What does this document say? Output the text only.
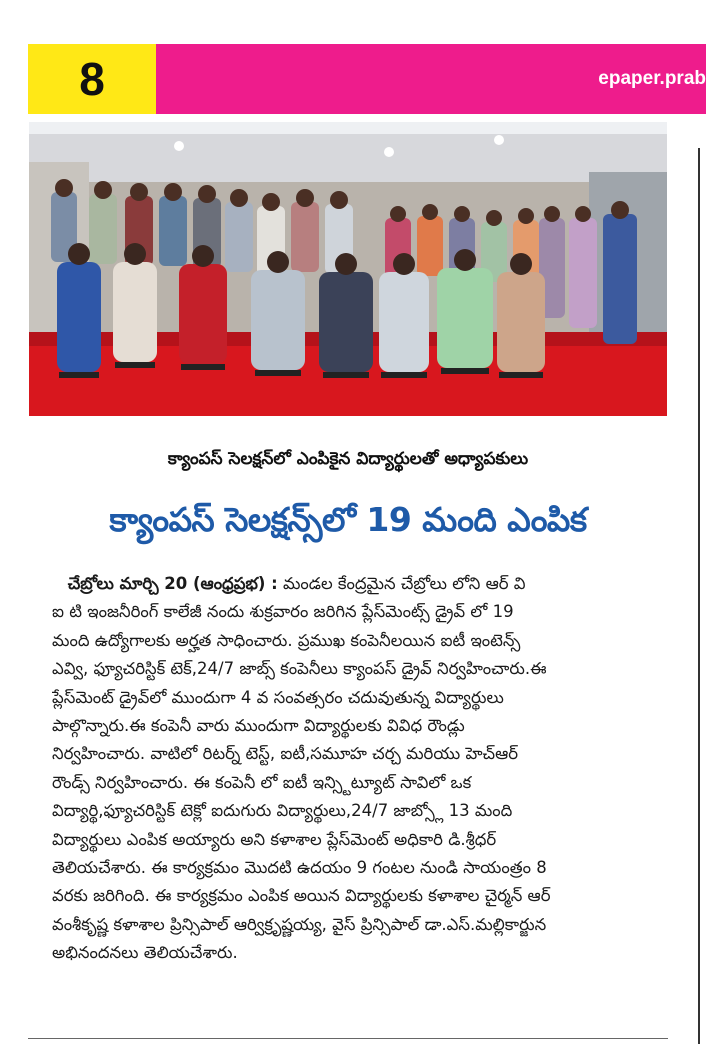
8	epaper.prab
క్యాంపస్ సెలక్షన్‌లో ఎంపికైన విద్యార్థులతో అధ్యాపకులు
క్యాంపస్ సెలక్షన్స్‌లో 19 మంది ఎంపిక
చేబ్రోలు మార్చి 20 (ఆంధ్రప్రభ) : మండల కేంద్రమైన చేబ్రోలు లోని ఆర్ వి
ఐ టి ఇంజనీరింగ్ కాలేజీ నందు శుక్రవారం జరిగిన ప్లేస్‌మెంట్స్ డ్రైవ్ లో 19
మంది ఉద్యోగాలకు అర్హత సాధించారు. ప్రముఖ కంపెనీలయిన ఐటీ ఇంటెన్స్
ఎవ్వి, ఫ్యూచరిస్టిక్ టెక్,24/7 జాబ్స్ కంపెనీలు క్యాంపస్ డ్రైవ్ నిర్వహించారు.ఈ
ప్లేస్‌మెంట్ డ్రైవ్‌లో ముందుగా 4 వ సంవత్సరం చదువుతున్న విద్యార్థులు
పాల్గొన్నారు.ఈ కంపెనీ వారు ముందుగా విద్యార్థులకు వివిధ రౌండ్లు
నిర్వహించారు. వాటిలో రిటర్న్ టెస్ట్, ఐటీ,సమూహ చర్చ మరియు హెచ్‌ఆర్
రౌండ్స్ నిర్వహించారు. ఈ కంపెనీ లో ఐటీ ఇన్స్టిట్యూట్ సావిలో ఒక
విద్యార్థి,ఫ్యూచరిస్టిక్ టెక్లో ఐదుగురు విద్యార్థులు,24/7 జాబ్స్లో 13 మంది
విద్యార్థులు ఎంపిక అయ్యారు అని కళాశాల ప్లేస్‌మెంట్ అధికారి డి.శ్రీధర్
తెలియచేశారు. ఈ కార్యక్రమం మొదటి ఉదయం 9 గంటల నుండి సాయంత్రం 8
వరకు జరిగింది. ఈ కార్యక్రమం ఎంపిక అయిన విద్యార్థులకు కళాశాల చైర్మన్ ఆర్
వంశీకృష్ణ కళాశాల ప్రిన్సిపాల్ ఆర్విక్రృష్ణయ్య, వైస్ ప్రిన్సిపాల్ డా.ఎస్.మల్లికార్జున
అభినందనలు తెలియచేశారు.
